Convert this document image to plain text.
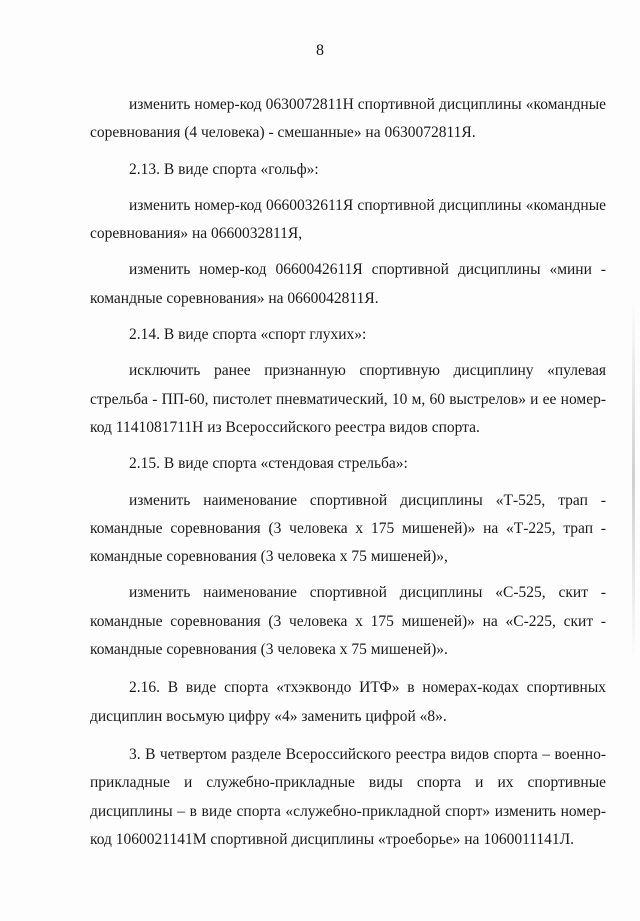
8

изменить номер-код 0630072811Н спортивной дисциплины «командные соревнования (4 человека) - смешанные» на 0630072811Я.

2.13. В виде спорта «гольф»:

изменить номер-код 0660032611Я спортивной дисциплины «командные соревнования» на 0660032811Я,

изменить номер-код 0660042611Я спортивной дисциплины «мини - командные соревнования» на 0660042811Я.

2.14. В виде спорта «спорт глухих»:

исключить ранее признанную спортивную дисциплину «пулевая стрельба - ПП-60, пистолет пневматический, 10 м, 60 выстрелов» и ее номер-код 1141081711Н из Всероссийского реестра видов спорта.

2.15. В виде спорта «стендовая стрельба»:

изменить наименование спортивной дисциплины «Т-525, трап - командные соревнования (3 человека х 175 мишеней)» на «Т-225, трап - командные соревнования (3 человека х 75 мишеней)»,

изменить наименование спортивной дисциплины «С-525, скит - командные соревнования (3 человека х 175 мишеней)» на «С-225, скит - командные соревнования (3 человека х 75 мишеней)».

2.16. В виде спорта «тхэквондо ИТФ» в номерах-кодах спортивных дисциплин восьмую цифру «4» заменить цифрой «8».

3. В четвертом разделе Всероссийского реестра видов спорта – военно-прикладные и служебно-прикладные виды спорта и их спортивные дисциплины – в виде спорта «служебно-прикладной спорт» изменить номер-код 1060021141М спортивной дисциплины «троеборье» на 1060011141Л.
